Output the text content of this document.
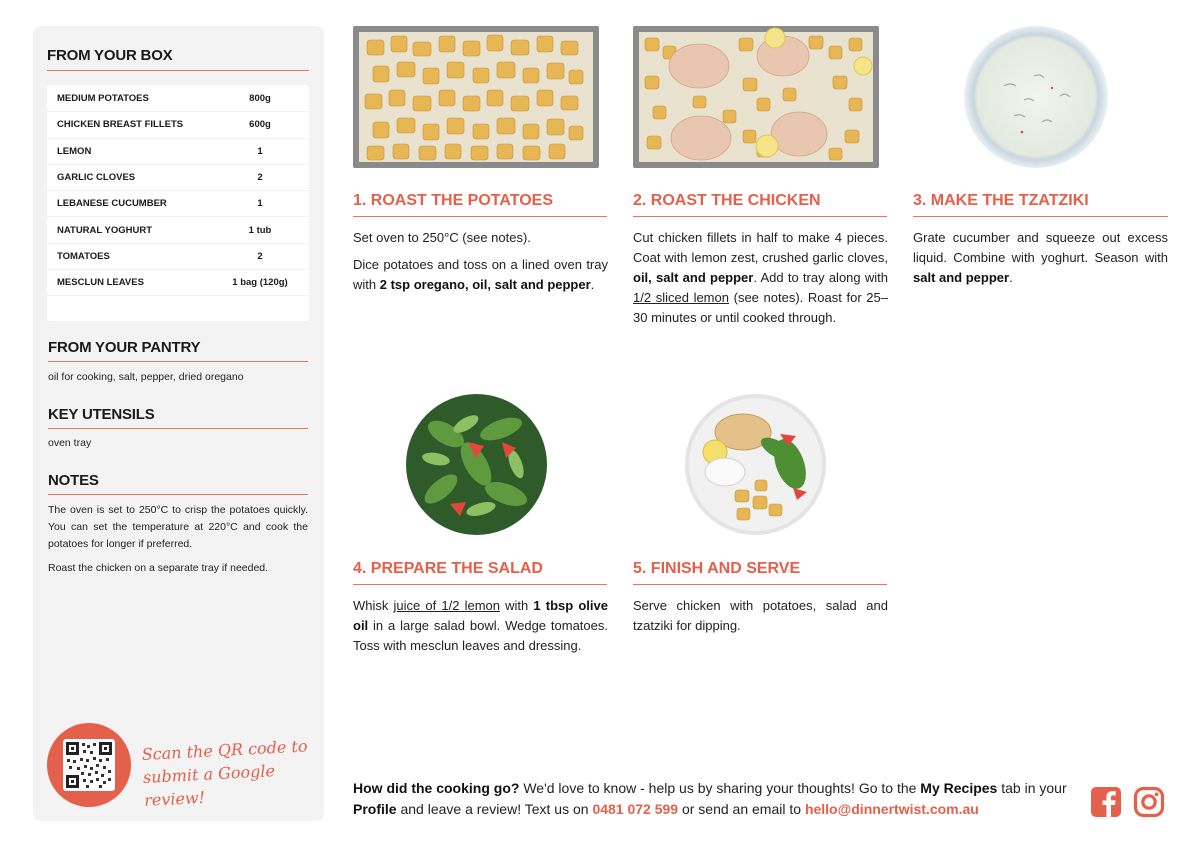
FROM YOUR BOX
MEDIUM POTATOES	800g
CHICKEN BREAST FILLETS	600g
LEMON	1
GARLIC CLOVES	2
LEBANESE CUCUMBER	1
NATURAL YOGHURT	1 tub
TOMATOES	2
MESCLUN LEAVES	1 bag (120g)
FROM YOUR PANTRY
oil for cooking, salt, pepper, dried oregano
KEY UTENSILS
oven tray
NOTES
The oven is set to 250°C to crisp the potatoes quickly. You can set the temperature at 220°C and cook the potatoes for longer if preferred.
Roast the chicken on a separate tray if needed.
Scan the QR code to
submit a Google review!
1. ROAST THE POTATOES

Set oven to 250°C (see notes).

Dice potatoes and toss on a lined oven tray with 2 tsp oregano, oil, salt and pepper.

2. ROAST THE CHICKEN

Cut chicken fillets in half to make 4 pieces. Coat with lemon zest, crushed garlic cloves, oil, salt and pepper. Add to tray along with 1/2 sliced lemon (see notes). Roast for 25–30 minutes or until cooked through.

3. MAKE THE TZATZIKI

Grate cucumber and squeeze out excess liquid. Combine with yoghurt. Season with salt and pepper.

4. PREPARE THE SALAD

Whisk juice of 1/2 lemon with 1 tbsp olive oil in a large salad bowl. Wedge tomatoes. Toss with mesclun leaves and dressing.

5. FINISH AND SERVE

Serve chicken with potatoes, salad and tzatziki for dipping.

How did the cooking go? We'd love to know - help us by sharing your thoughts! Go to the My Recipes tab in your Profile and leave a review! Text us on 0481 072 599 or send an email to hello@dinnertwist.com.au
